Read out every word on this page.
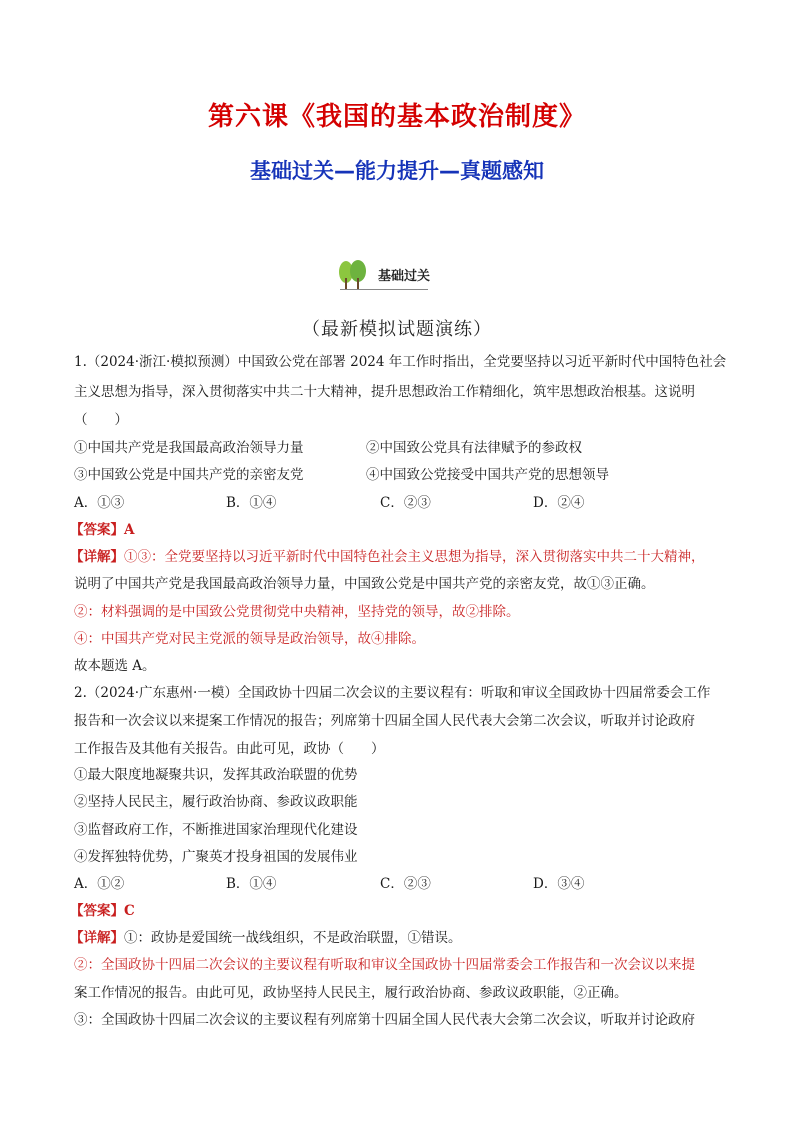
第六课《我国的基本政治制度》
基础过关—能力提升—真题感知
基础过关
（最新模拟试题演练）
1.（2024·浙江·模拟预测）中国致公党在部署 2024 年工作时指出，全党要坚持以习近平新时代中国特色社会
主义思想为指导，深入贯彻落实中共二十大精神，提升思想政治工作精细化，筑牢思想政治根基。这说明
（　　）
①中国共产党是我国最高政治领导力量	②中国致公党具有法律赋予的参政权
③中国致公党是中国共产党的亲密友党	④中国致公党接受中国共产党的思想领导
A．①③	B．①④	C．②③	D．②④
【答案】A
【详解】①③：全党要坚持以习近平新时代中国特色社会主义思想为指导，深入贯彻落实中共二十大精神，
说明了中国共产党是我国最高政治领导力量，中国致公党是中国共产党的亲密友党，故①③正确。
②：材料强调的是中国致公党贯彻党中央精神，坚持党的领导，故②排除。
④：中国共产党对民主党派的领导是政治领导，故④排除。
故本题选 A。
2.（2024·广东惠州·一模）全国政协十四届二次会议的主要议程有：听取和审议全国政协十四届常委会工作
报告和一次会议以来提案工作情况的报告；列席第十四届全国人民代表大会第二次会议，听取并讨论政府
工作报告及其他有关报告。由此可见，政协（　　）
①最大限度地凝聚共识，发挥其政治联盟的优势
②坚持人民民主，履行政治协商、参政议政职能
③监督政府工作，不断推进国家治理现代化建设
④发挥独特优势，广聚英才投身祖国的发展伟业
A．①②	B．①④	C．②③	D．③④
【答案】C
【详解】①：政协是爱国统一战线组织，不是政治联盟，①错误。
②：全国政协十四届二次会议的主要议程有听取和审议全国政协十四届常委会工作报告和一次会议以来提
案工作情况的报告。由此可见，政协坚持人民民主，履行政治协商、参政议政职能，②正确。
③：全国政协十四届二次会议的主要议程有列席第十四届全国人民代表大会第二次会议，听取并讨论政府
